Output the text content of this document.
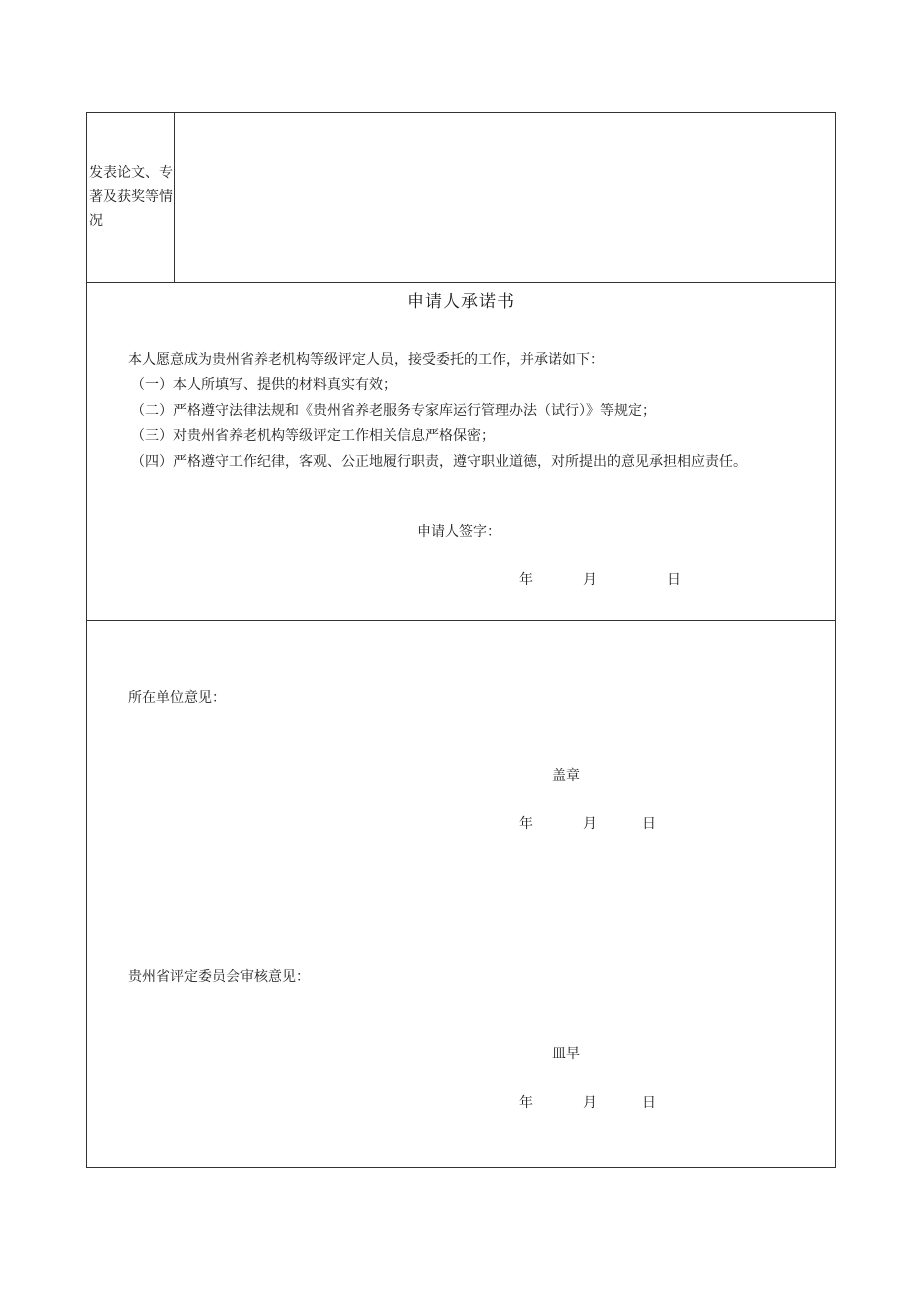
发表论文、专著及获奖等情况
申请人承诺书
本人愿意成为贵州省养老机构等级评定人员，接受委托的工作，并承诺如下：
（一）本人所填写、提供的材料真实有效；
（二）严格遵守法律法规和《贵州省养老服务专家库运行管理办法（试行）》等规定；
（三）对贵州省养老机构等级评定工作相关信息严格保密；
（四）严格遵守工作纪律，客观、公正地履行职责，遵守职业道德，对所提出的意见承担相应责任。
申请人签字：
年	月	日
所在单位意见：
盖章
年	月	日
贵州省评定委员会审核意见：
皿早
年	月	日
